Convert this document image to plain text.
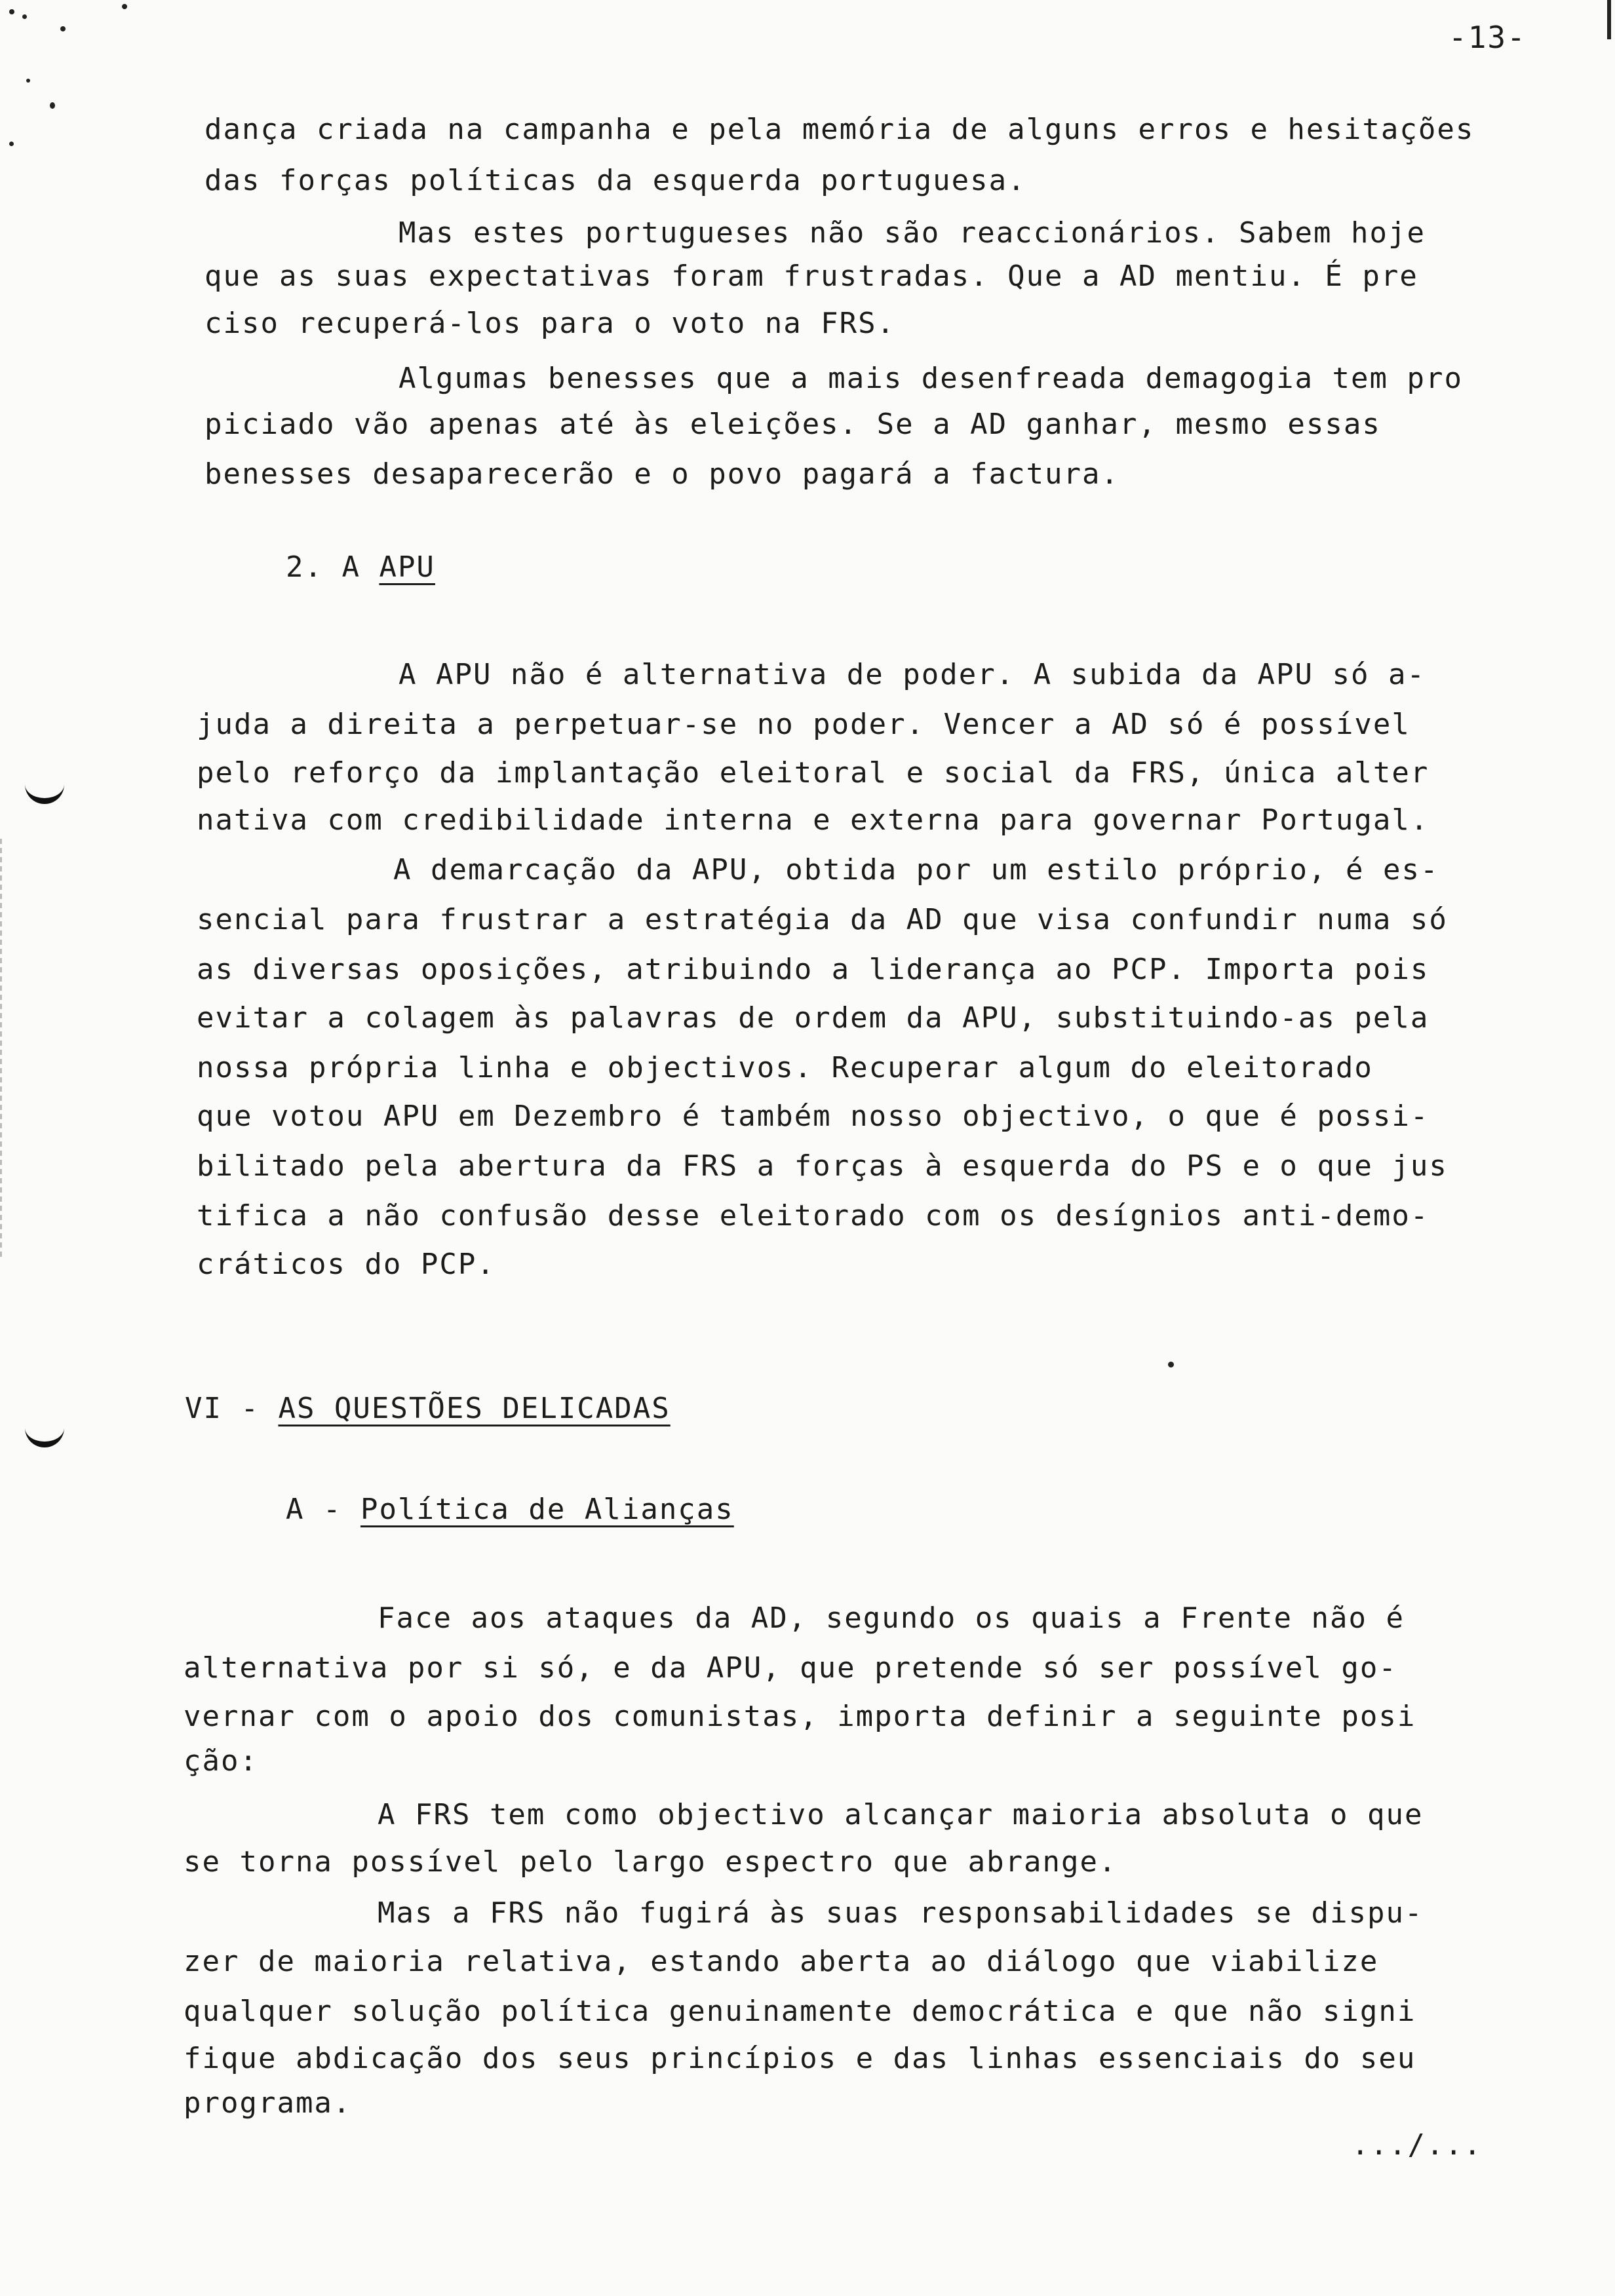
-13-
dança criada na campanha e pela memória de alguns erros e hesitações
das forças políticas da esquerda portuguesa.
Mas estes portugueses não são reaccionários. Sabem hoje
que as suas expectativas foram frustradas. Que a AD mentiu. É pre
ciso recuperá-los para o voto na FRS.
Algumas benesses que a mais desenfreada demagogia tem pro
piciado vão apenas até às eleições. Se a AD ganhar, mesmo essas
benesses desaparecerão e o povo pagará a factura.
2. A APU
A APU não é alternativa de poder. A subida da APU só a-
juda a direita a perpetuar-se no poder. Vencer a AD só é possível
pelo reforço da implantação eleitoral e social da FRS, única alter
nativa com credibilidade interna e externa para governar Portugal.
A demarcação da APU, obtida por um estilo próprio, é es-
sencial para frustrar a estratégia da AD que visa confundir numa só
as diversas oposições, atribuindo a liderança ao PCP. Importa pois
evitar a colagem às palavras de ordem da APU, substituindo-as pela
nossa própria linha e objectivos. Recuperar algum do eleitorado
que votou APU em Dezembro é também nosso objectivo, o que é possi-
bilitado pela abertura da FRS a forças à esquerda do PS e o que jus
tifica a não confusão desse eleitorado com os desígnios anti-demo-
cráticos do PCP.
VI - AS QUESTÕES DELICADAS
A - Política de Alianças
Face aos ataques da AD, segundo os quais a Frente não é
alternativa por si só, e da APU, que pretende só ser possível go-
vernar com o apoio dos comunistas, importa definir a seguinte posi
ção:
A FRS tem como objectivo alcançar maioria absoluta o que
se torna possível pelo largo espectro que abrange.
Mas a FRS não fugirá às suas responsabilidades se dispu-
zer de maioria relativa, estando aberta ao diálogo que viabilize
qualquer solução política genuinamente democrática e que não signi
fique abdicação dos seus princípios e das linhas essenciais do seu
programa.
.../...
